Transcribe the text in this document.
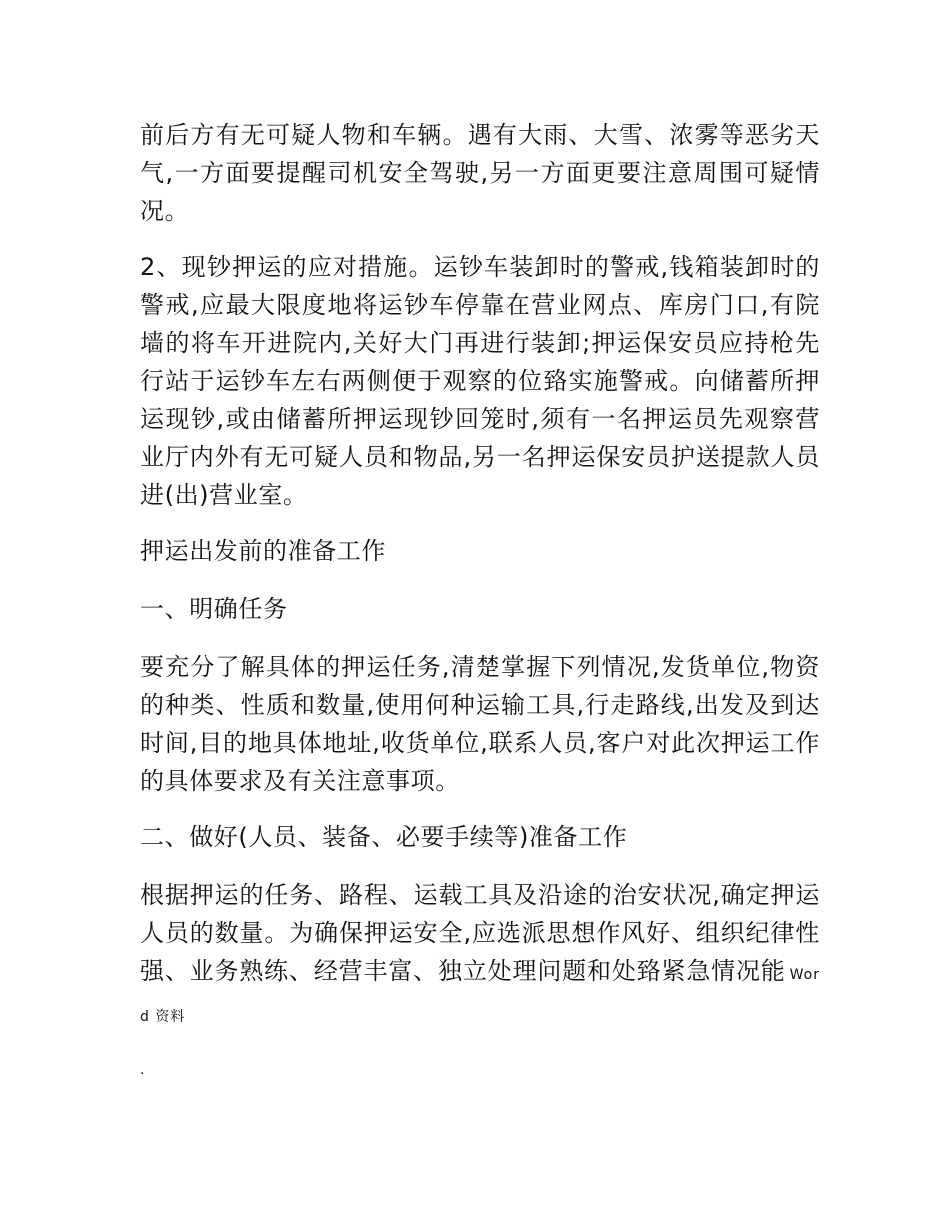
前后方有无可疑人物和车辆。遇有大雨、大雪、浓雾等恶劣天气,一方面要提醒司机安全驾驶,另一方面更要注意周围可疑情况。

2、现钞押运的应对措施。运钞车装卸时的警戒,钱箱装卸时的警戒,应最大限度地将运钞车停靠在营业网点、库房门口,有院墙的将车开进院内,关好大门再进行装卸;押运保安员应持枪先行站于运钞车左右两侧便于观察的位臵实施警戒。向储蓄所押运现钞,或由储蓄所押运现钞回笼时,须有一名押运员先观察营业厅内外有无可疑人员和物品,另一名押运保安员护送提款人员进(出)营业室。

押运出发前的准备工作

一、明确任务

要充分了解具体的押运任务,清楚掌握下列情况,发货单位,物资的种类、性质和数量,使用何种运输工具,行走路线,出发及到达时间,目的地具体地址,收货单位,联系人员,客户对此次押运工作的具体要求及有关注意事项。

二、做好(人员、装备、必要手续等)准备工作

根据押运的任务、路程、运载工具及沿途的治安状况,确定押运人员的数量。为确保押运安全,应选派思想作风好、组织纪律性强、业务熟练、经营丰富、独立处理问题和处臵紧急情况能 Word 资料

.
